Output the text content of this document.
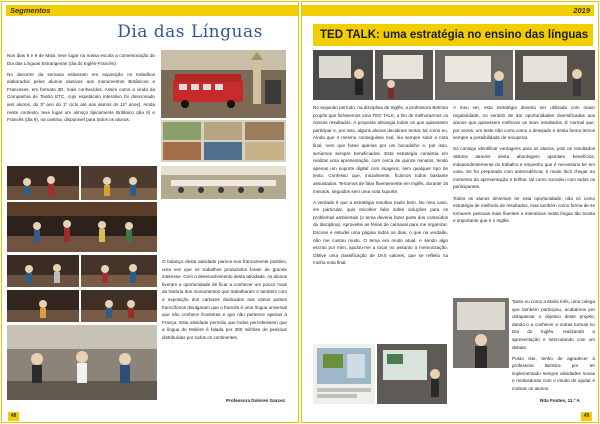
Segmentos	2019
Dia das Línguas

Nos dias 8 e 9 de Maio, teve lugar na nossa escola a comemoração do Dia das Línguas Estrangeiras (dia do Inglês-Francês).

No decorrer da semana estiveram em exposição os trabalhos elaborados pelos alunos alusivos aos monumentos Britânicos e Franceses, em formato 3D, mais conhecidos. Assim como a vinda da Companhia de Teatro ETC, cujo espetáculo interativo foi direcionado aos alunos, do 3º ano do 1º ciclo até aos alunos do 11º anos). Ainda neste contexto, teve lugar um almoço tipicamente Britânico (dia 8) e Francês (dia 9), na cantina, disponível para todos os alunos.

O balanço desta atividade parece-nos francamente positivo, uma vez que os trabalhos produzidos foram de grande interesse. Com o desenvolvimento desta atividade, os alunos tiveram a oportunidade de ficar a conhecer um pouco mais da história dos monumentos que trabalharam e também com a exposição dos cartazes dedicados aos vários países francófonos divulgaram que o francês é uma língua universal que não conhece fronteiras e que não pertence apenas à França. Esta atividade permitiu que todos percebessem que a língua de Molière é falada por 300 milhões de pessoas distribuídas por todos os continentes.

Professora Dolores Garcez
48
TED TALK: uma estratégia no ensino das línguas

No segundo período, na disciplina de Inglês, a professora Belmira propôs que fizéssemos uma TED TALK, a fim de melhorarmos os nossos resultados. A proposta abrangia todos os que quisessem participar e, por isso, alguns alunos decidiram tentar, tal como eu. Ainda que o mesmo conseguisse mal, iria sempre subir a nota final, nem que fosse apenas por um bocadinho e, por isso, seríamos sempre beneficiados. Esta estratégia consistia em realizar uma apresentação, com cerca de quinze minutos, tendo apenas um suporte digital com imagens, sem qualquer tipo de texto. Confesso que, inicialmente, ficámos todos bastante assustados. Teríamos de falar fluentemente em Inglês, durante 15 minutos, seguidos sem uma nota suporte.

A verdade é que a estratégia resultou muito bem. No meu caso, em particular, quis escolher falar sobre soluções para os problemas ambientais (o tema deveria fazer parte dos conteúdos da disciplina). Aproveitei as férias de carnaval para me organizar. Escrevi e estudei uma página todos os dias, o que na verdade, não me custou muito. O tema era muito atual, e sendo algo escrito por mim, ajudou-me a tocar no assunto a memorização. Obtive uma classificação de 19.5 valores, que se refletiu na minha nota final.

A meu ver, esta estratégia deveria ser utilizada com maior regularidade, no sentido de dar oportunidades diversificadas aos alunos que quisessem melhorar os seus resultados. É normal que, por vezes, um teste não corra como o desejado e desta forma temos sempre a possibilidade de recuperar.

Só consigo identificar vantagens para os alunos, pois os resultados obtidos através desta abordagem apontam benefícios, independentemente do trabalho e empenho que é necessário ter em casa. Se for preparado com antecedência, é muito fácil chegar ao momento da apresentação e brilhar, tal como sucedeu com todos os participantes.

Todos os alunos deveriam ter esta oportunidade, não só como estratégia de melhoria de resultados, mas também como forma de se tornarem pessoas mais fluentes e interativas nesta língua tão bonita e importante que é o Inglês.

Tanto eu como a Maria Inês, uma colega que também participou, acabámos por ultrapassar o objetivo deste projeto, dando-o a conhecer a outras turmas no Dia do Inglês, realizando a apresentação e interculando com um debate.

Posto isto, tenho de agradecer à professora Belmira por ter implementado sempre atividades novas e motivadoras com o intuito de ajudar e motivar os alunos.

Rita Fontes, 11.º A
49
